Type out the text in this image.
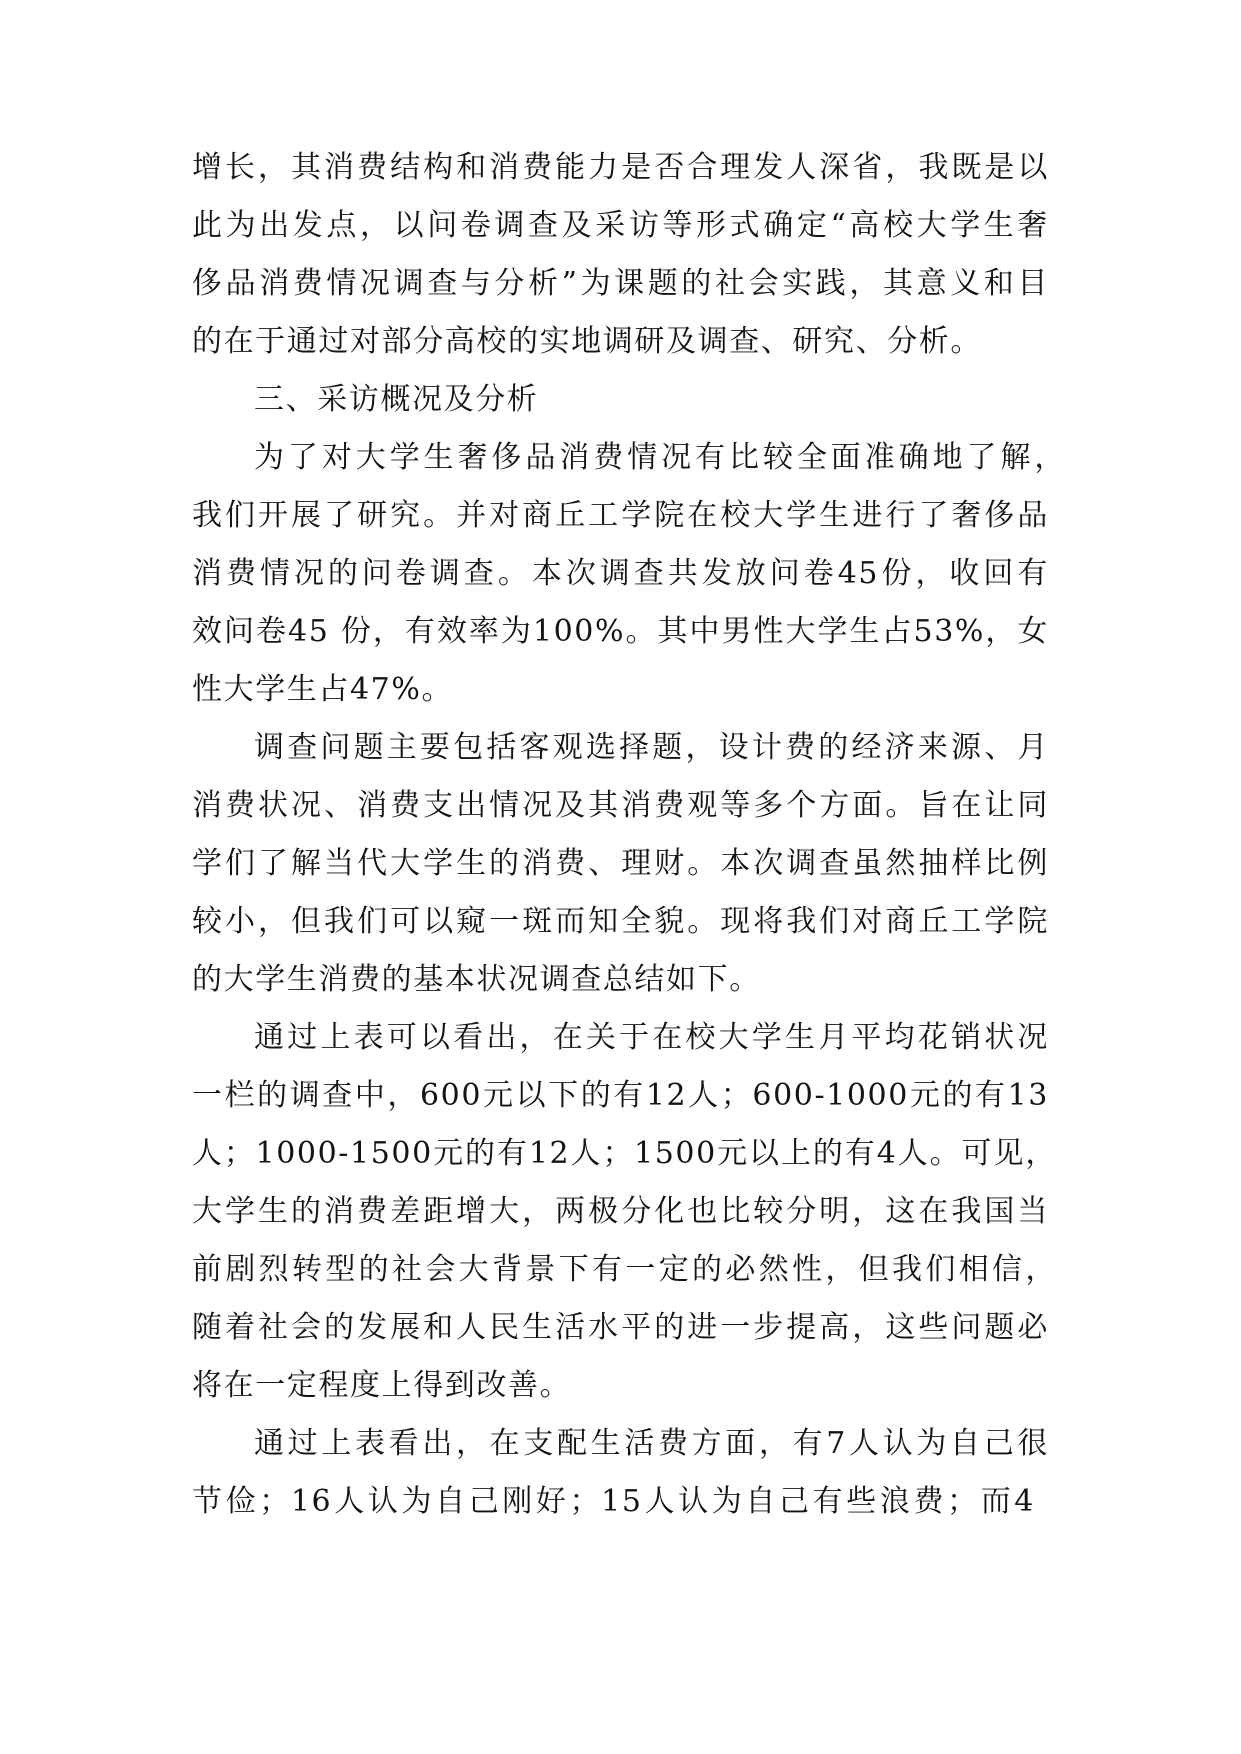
增长，其消费结构和消费能力是否合理发人深省，我既是以

此为出发点，以问卷调查及采访等形式确定“高校大学生奢

侈品消费情况调查与分析”为课题的社会实践，其意义和目

的在于通过对部分高校的实地调研及调查、研究、分析。

三、采访概况及分析

为了对大学生奢侈品消费情况有比较全面准确地了解，

我们开展了研究。并对商丘工学院在校大学生进行了奢侈品

消费情况的问卷调查。本次调查共发放问卷45份，收回有

效问卷45 份，有效率为100%。其中男性大学生占53%，女

性大学生占47%。

调查问题主要包括客观选择题，设计费的经济来源、月

消费状况、消费支出情况及其消费观等多个方面。旨在让同

学们了解当代大学生的消费、理财。本次调查虽然抽样比例

较小，但我们可以窥一斑而知全貌。现将我们对商丘工学院

的大学生消费的基本状况调查总结如下。

通过上表可以看出，在关于在校大学生月平均花销状况

一栏的调查中，600元以下的有12人；600-1000元的有13

人；1000-1500元的有12人；1500元以上的有4人。可见，

大学生的消费差距增大，两极分化也比较分明，这在我国当

前剧烈转型的社会大背景下有一定的必然性，但我们相信，

随着社会的发展和人民生活水平的进一步提高，这些问题必

将在一定程度上得到改善。

通过上表看出，在支配生活费方面，有7人认为自己很

节俭；16人认为自己刚好；15人认为自己有些浪费；而4
